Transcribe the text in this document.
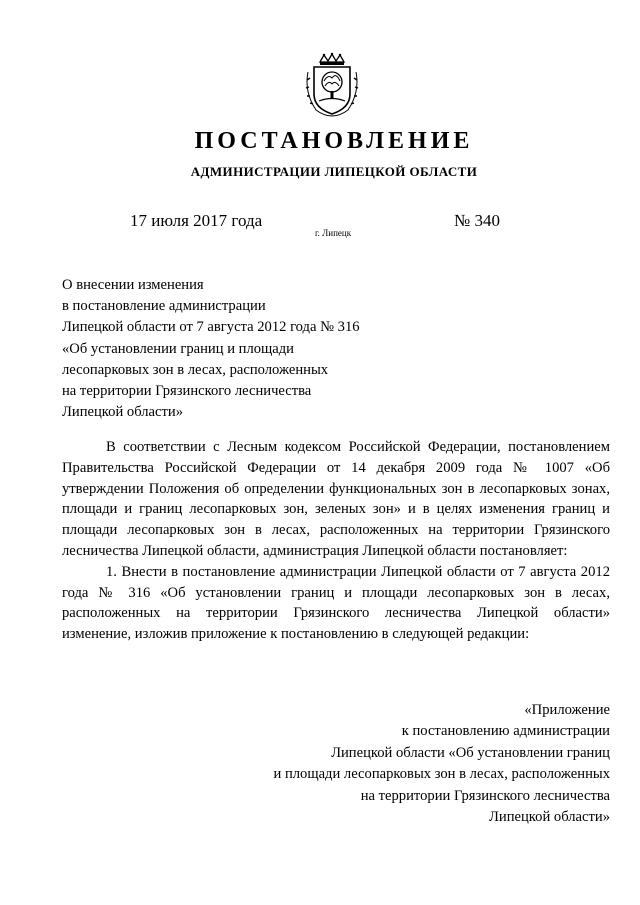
ПОСТАНОВЛЕНИЕ
АДМИНИСТРАЦИИ ЛИПЕЦКОЙ ОБЛАСТИ
17 июля 2017 года
г. Липецк
№ 340
О внесении изменения
в постановление администрации
Липецкой области от 7 августа 2012 года № 316
«Об установлении границ и площади
лесопарковых зон в лесах, расположенных
на территории Грязинского лесничества
Липецкой области»

В соответствии с Лесным кодексом Российской Федерации, постановлением Правительства Российской Федерации от 14 декабря 2009 года № 1007 «Об утверждении Положения об определении функциональных зон в лесопарковых зонах, площади и границ лесопарковых зон, зеленых зон» и в целях изменения границ и площади лесопарковых зон в лесах, расположенных на территории Грязинского лесничества Липецкой области, администрация Липецкой области постановляет:

1. Внести в постановление администрации Липецкой области от 7 августа 2012 года № 316 «Об установлении границ и площади лесопарковых зон в лесах, расположенных на территории Грязинского лесничества Липецкой области» изменение, изложив приложение к постановлению в следующей редакции:

«Приложение
к постановлению администрации
Липецкой области «Об установлении границ
и площади лесопарковых зон в лесах, расположенных
на территории Грязинского лесничества
Липецкой области»
